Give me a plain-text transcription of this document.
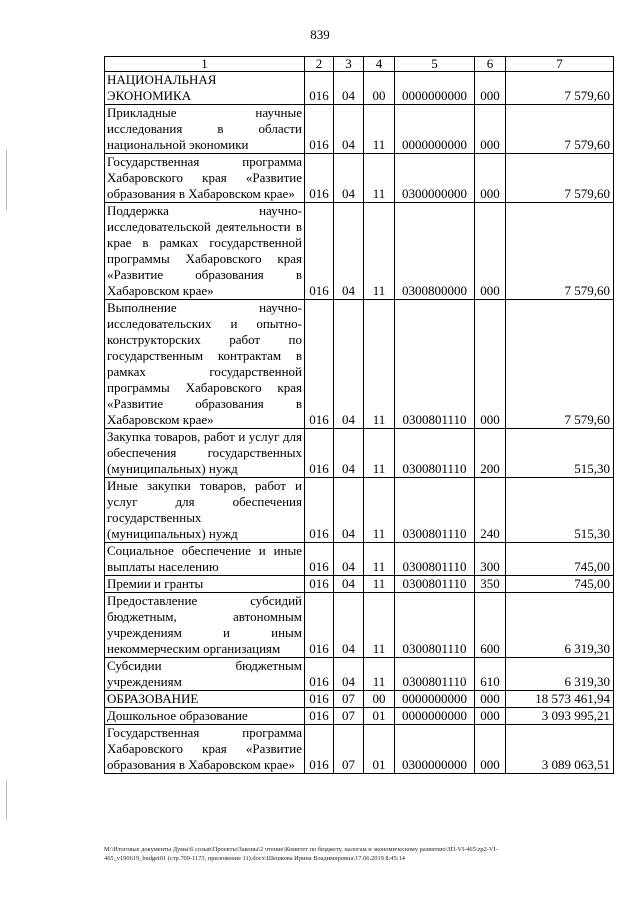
839
1	2	3	4	5	6	7
НАЦИОНАЛЬНАЯ ЭКОНОМИКА	016	04	00	0000000000	000	7 579,60
Прикладные научные исследования в области национальной экономики	016	04	11	0000000000	000	7 579,60
Государственная программа Хабаровского края «Развитие образования в Хабаровском крае»	016	04	11	0300000000	000	7 579,60
Поддержка научно-исследовательской деятельности в крае в рамках государственной программы Хабаровского края «Развитие образования в Хабаровском крае»	016	04	11	0300800000	000	7 579,60
Выполнение научно-исследовательских и опытно-конструкторских работ по государственным контрактам в рамках государственной программы Хабаровского края «Развитие образования в Хабаровском крае»	016	04	11	0300801110	000	7 579,60
Закупка товаров, работ и услуг для обеспечения государственных (муниципальных) нужд	016	04	11	0300801110	200	515,30
Иные закупки товаров, работ и услуг для обеспечения государственных (муниципальных) нужд	016	04	11	0300801110	240	515,30
Социальное обеспечение и иные выплаты населению	016	04	11	0300801110	300	745,00
Премии и гранты	016	04	11	0300801110	350	745,00
Предоставление субсидий бюджетным, автономным учреждениям и иным некоммерческим организациям	016	04	11	0300801110	600	6 319,30
Субсидии бюджетным учреждениям	016	04	11	0300801110	610	6 319,30
ОБРАЗОВАНИЕ	016	07	00	0000000000	000	18 573 461,94
Дошкольное образование	016	07	01	0000000000	000	3 093 995,21
Государственная программа Хабаровского края «Развитие образования в Хабаровском крае»	016	07	01	0300000000	000	3 089 063,51
M:\Итоговые документы Думы\6 созыв\Проекты\Законы\2 чтение\Комитет по бюджету, налогам и экономическому развитию\ЗП-VI-465\zp2-VI-
465_v190619_budget01 (стр.709-1173, приложение 11).docx\Шешкова Ирина Владимировна\17.06.2019 8:45:14
